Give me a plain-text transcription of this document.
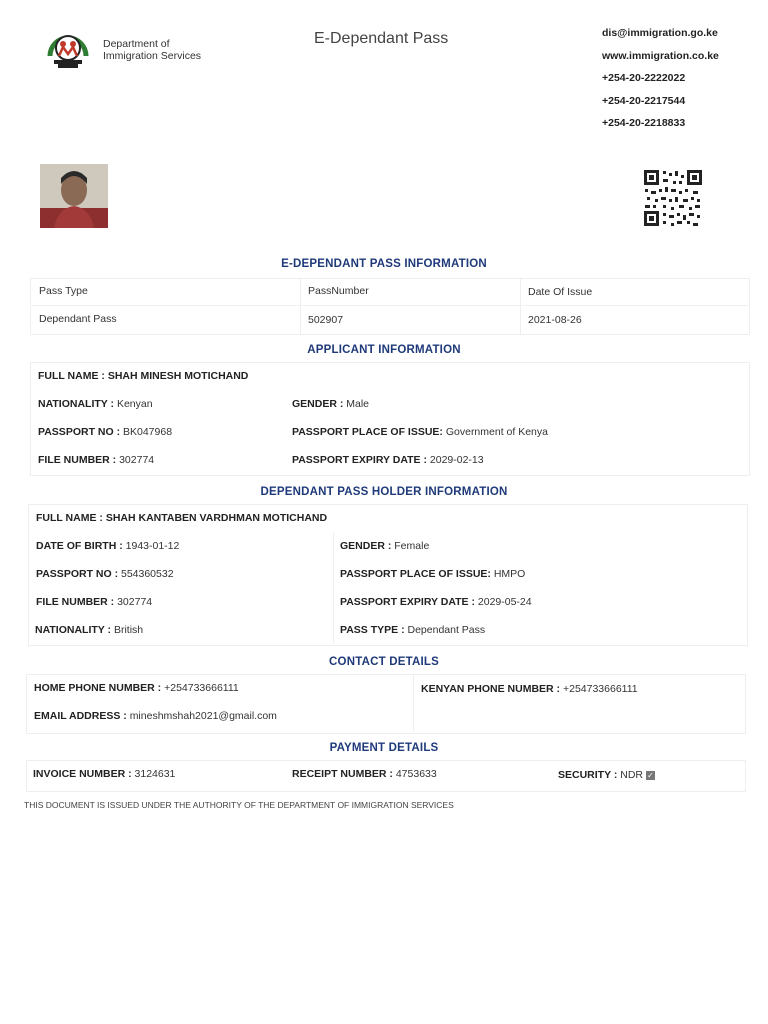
Department of
Immigration Services
E-Dependant Pass	dis@immigration.go.ke
www.immigration.co.ke
+254-20-2222022
+254-20-2217544
+254-20-2218833
E-DEPENDANT PASS INFORMATION
Pass Type	PassNumber	Date Of Issue
Dependant Pass	502907	2021-08-26
APPLICANT INFORMATION
FULL NAME : SHAH MINESH MOTICHAND
NATIONALITY : Kenyan	GENDER : Male
PASSPORT NO : BK047968	PASSPORT PLACE OF ISSUE: Government of Kenya
FILE NUMBER : 302774	PASSPORT EXPIRY DATE : 2029-02-13
DEPENDANT PASS HOLDER INFORMATION
FULL NAME : SHAH KANTABEN VARDHMAN MOTICHAND
DATE OF BIRTH : 1943-01-12	GENDER : Female
PASSPORT NO : 554360532	PASSPORT PLACE OF ISSUE: HMPO
FILE NUMBER : 302774	PASSPORT EXPIRY DATE : 2029-05-24
NATIONALITY : British	PASS TYPE : Dependant Pass
CONTACT DETAILS
HOME PHONE NUMBER : +254733666111	KENYAN PHONE NUMBER : +254733666111
EMAIL ADDRESS : mineshmshah2021@gmail.com
PAYMENT DETAILS
INVOICE NUMBER : 3124631	RECEIPT NUMBER : 4753633	SECURITY : NDR ✓
THIS DOCUMENT IS ISSUED UNDER THE AUTHORITY OF THE DEPARTMENT OF IMMIGRATION SERVICES
